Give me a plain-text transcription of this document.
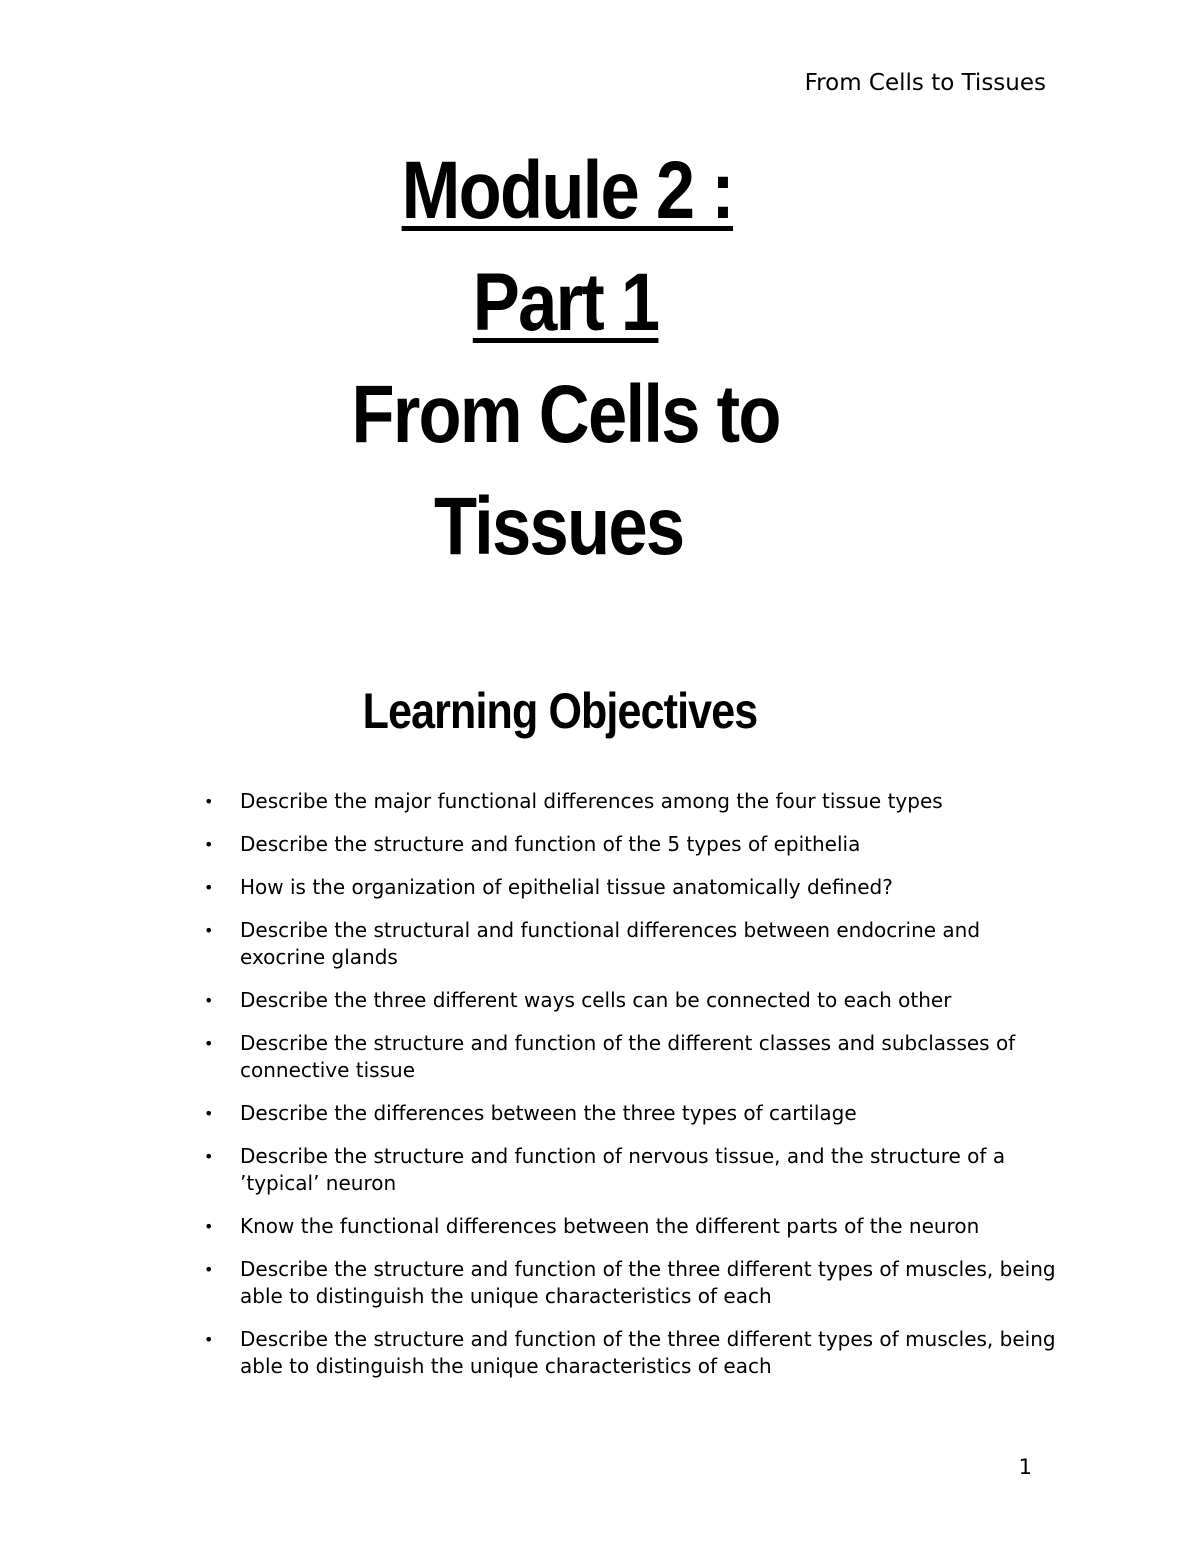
From Cells to Tissues

Module 2 :

Part 1

From Cells to

Tissues

Learning Objectives
• Describe the major functional differences among the four tissue types
• Describe the structure and function of the 5 types of epithelia
• How is the organization of epithelial tissue anatomically defined?
• Describe the structural and functional differences between endocrine and exocrine glands
• Describe the three different ways cells can be connected to each other
• Describe the structure and function of the different classes and subclasses of connective tissue
• Describe the differences between the three types of cartilage
• Describe the structure and function of nervous tissue, and the structure of a ’typical’ neuron
• Know the functional differences between the different parts of the neuron
• Describe the structure and function of the three different types of muscles, being able to distinguish the unique characteristics of each
• Describe the structure and function of the three different types of muscles, being able to distinguish the unique characteristics of each
1
